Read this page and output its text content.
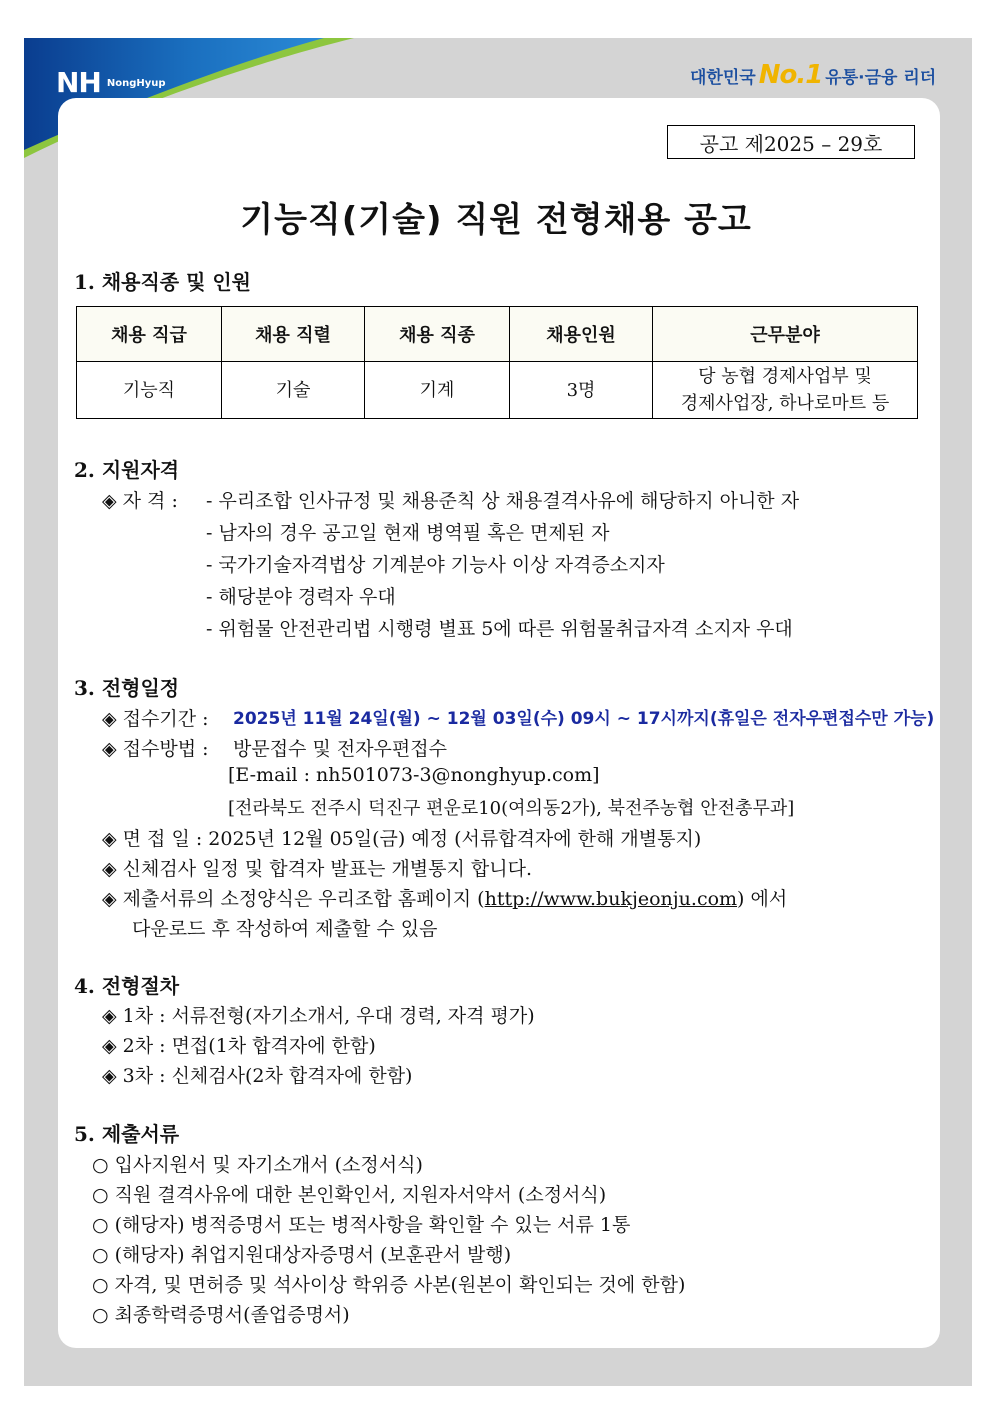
NH NongHyup	대한민국 No.1 유통·금융 리더
공고 제2025 – 29호
기능직(기술) 직원 전형채용 공고
1. 채용직종 및 인원
채용 직급	채용 직렬	채용 직종	채용인원	근무분야
기능직	기술	기계	3명	당 농협 경제사업부 및
경제사업장, 하나로마트 등
2. 지원자격
◈ 자 격 : - 우리조합 인사규정 및 채용준칙 상 채용결격사유에 해당하지 아니한 자
- 남자의 경우 공고일 현재 병역필 혹은 면제된 자
- 국가기술자격법상 기계분야 기능사 이상 자격증소지자
- 해당분야 경력자 우대
- 위험물 안전관리법 시행령 별표 5에 따른 위험물취급자격 소지자 우대
3. 전형일정
◈ 접수기간 : 2025년 11월 24일(월) ~ 12월 03일(수) 09시 ~ 17시까지(휴일은 전자우편접수만 가능)
◈ 접수방법 : 방문접수 및 전자우편접수
[E-mail : nh501073-3@nonghyup.com]
[전라북도 전주시 덕진구 편운로10(여의동2가), 북전주농협 안전총무과]
◈ 면 접 일 : 2025년 12월 05일(금) 예정 (서류합격자에 한해 개별통지)
◈ 신체검사 일정 및 합격자 발표는 개별통지 합니다.
◈ 제출서류의 소정양식은 우리조합 홈페이지 (http://www.bukjeonju.com) 에서
다운로드 후 작성하여 제출할 수 있음
4. 전형절차
◈ 1차 : 서류전형(자기소개서, 우대 경력, 자격 평가)
◈ 2차 : 면접(1차 합격자에 한함)
◈ 3차 : 신체검사(2차 합격자에 한함)
5. 제출서류
○ 입사지원서 및 자기소개서 (소정서식)
○ 직원 결격사유에 대한 본인확인서, 지원자서약서 (소정서식)
○ (해당자) 병적증명서 또는 병적사항을 확인할 수 있는 서류 1통
○ (해당자) 취업지원대상자증명서 (보훈관서 발행)
○ 자격, 및 면허증 및 석사이상 학위증 사본(원본이 확인되는 것에 한함)
○ 최종학력증명서(졸업증명서)
